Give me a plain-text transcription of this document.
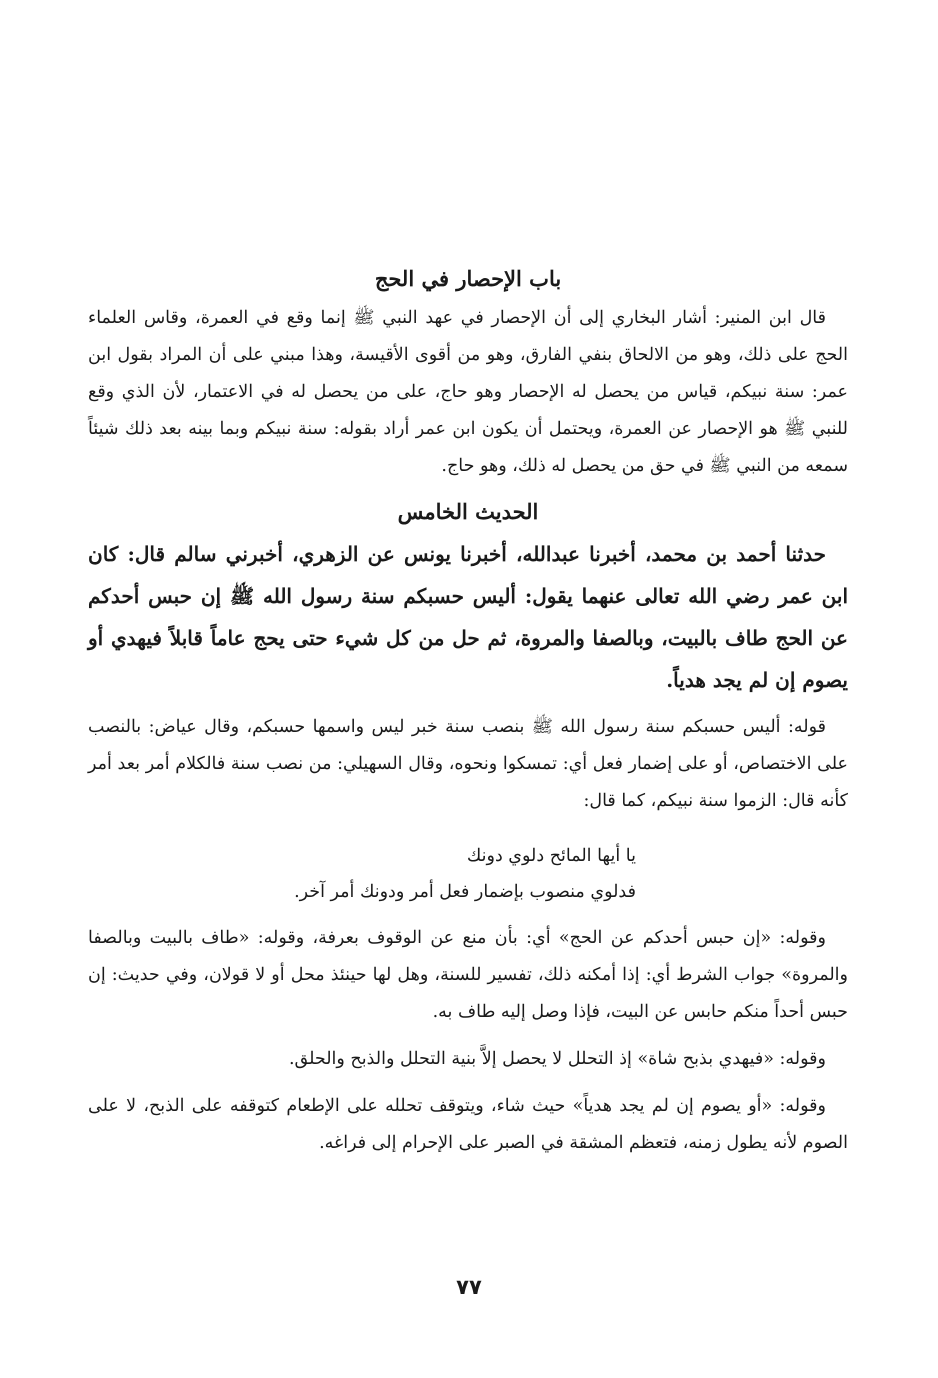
باب الإحصار في الحج

قال ابن المنير: أشار البخاري إلى أن الإحصار في عهد النبي ﷺ إنما وقع في العمرة، وقاس العلماء الحج على ذلك، وهو من الالحاق بنفي الفارق، وهو من أقوى الأقيسة، وهذا مبني على أن المراد بقول ابن عمر: سنة نبيكم، قياس من يحصل له الإحصار وهو حاج، على من يحصل له في الاعتمار، لأن الذي وقع للنبي ﷺ هو الإحصار عن العمرة، ويحتمل أن يكون ابن عمر أراد بقوله: سنة نبيكم وبما بينه بعد ذلك شيئاً سمعه من النبي ﷺ في حق من يحصل له ذلك، وهو حاج.

الحديث الخامس

حدثنا أحمد بن محمد، أخبرنا عبدالله، أخبرنا يونس عن الزهري، أخبرني سالم قال: كان ابن عمر رضي الله تعالى عنهما يقول: أليس حسبكم سنة رسول الله ﷺ إن حبس أحدكم عن الحج طاف بالبيت، وبالصفا والمروة، ثم حل من كل شيء حتى يحج عاماً قابلاً فيهدي أو يصوم إن لم يجد هدياً.

قوله: أليس حسبكم سنة رسول الله ﷺ بنصب سنة خبر ليس واسمها حسبكم، وقال عياض: بالنصب على الاختصاص، أو على إضمار فعل أي: تمسكوا ونحوه، وقال السهيلي: من نصب سنة فالكلام أمر بعد أمر كأنه قال: الزموا سنة نبيكم، كما قال:

يا أيها المائح دلوي دونك

فدلوي منصوب بإضمار فعل أمر ودونك أمر آخر.

وقوله: «إن حبس أحدكم عن الحج» أي: بأن منع عن الوقوف بعرفة، وقوله: «طاف بالبيت وبالصفا والمروة» جواب الشرط أي: إذا أمكنه ذلك، تفسير للسنة، وهل لها حينئذ محل أو لا قولان، وفي حديث: إن حبس أحداً منكم حابس عن البيت، فإذا وصل إليه طاف به.

وقوله: «فيهدي بذبح شاة» إذ التحلل لا يحصل إلاَّ بنية التحلل والذبح والحلق.

وقوله: «أو يصوم إن لم يجد هدياً» حيث شاء، ويتوقف تحلله على الإطعام كتوقفه على الذبح، لا على الصوم لأنه يطول زمنه، فتعظم المشقة في الصبر على الإحرام إلى فراغه.

٧٧
